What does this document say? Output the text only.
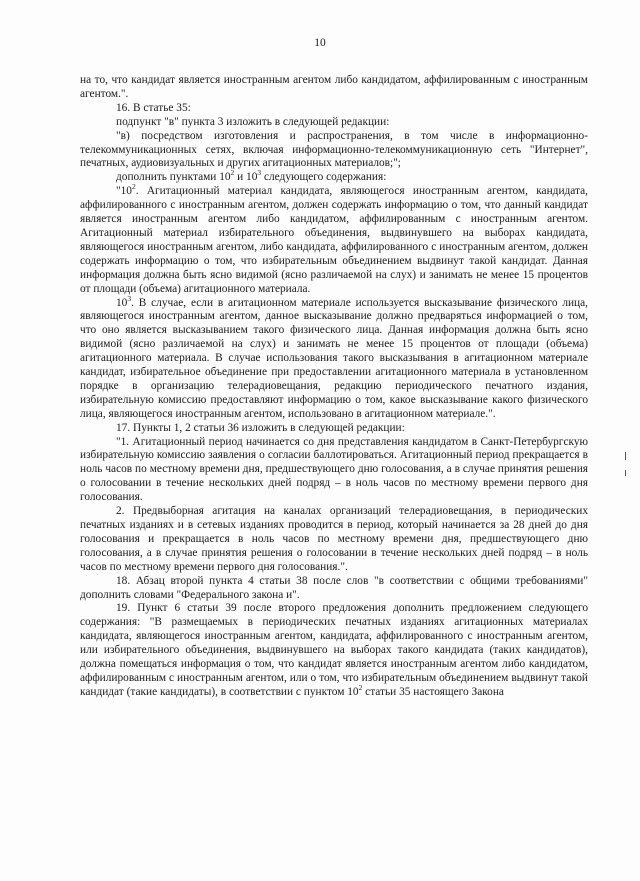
10

на то, что кандидат является иностранным агентом либо кандидатом, аффилированным с иностранным агентом.".

16. В статье 35:

подпункт "в" пункта 3 изложить в следующей редакции:

"в) посредством изготовления и распространения, в том числе в информационно-телекоммуникационных сетях, включая информационно-телекоммуникационную сеть "Интернет", печатных, аудиовизуальных и других агитационных материалов;";

дополнить пунктами $10^2$ и $10^3$ следующего содержания:

"$10^2$. Агитационный материал кандидата, являющегося иностранным агентом, кандидата, аффилированного с иностранным агентом, должен содержать информацию о том, что данный кандидат является иностранным агентом либо кандидатом, аффилированным с иностранным агентом. Агитационный материал избирательного объединения, выдвинувшего на выборах кандидата, являющегося иностранным агентом, либо кандидата, аффилированного с иностранным агентом, должен содержать информацию о том, что избирательным объединением выдвинут такой кандидат. Данная информация должна быть ясно видимой (ясно различаемой на слух) и занимать не менее 15 процентов от площади (объема) агитационного материала.

$10^3$. В случае, если в агитационном материале используется высказывание физического лица, являющегося иностранным агентом, данное высказывание должно предваряться информацией о том, что оно является высказыванием такого физического лица. Данная информация должна быть ясно видимой (ясно различаемой на слух) и занимать не менее 15 процентов от площади (объема) агитационного материала. В случае использования такого высказывания в агитационном материале кандидат, избирательное объединение при предоставлении агитационного материала в установленном порядке в организацию телерадиовещания, редакцию периодического печатного издания, избирательную комиссию предоставляют информацию о том, какое высказывание какого физического лица, являющегося иностранным агентом, использовано в агитационном материале.".

17. Пункты 1, 2 статьи 36 изложить в следующей редакции:

"1. Агитационный период начинается со дня представления кандидатом в Санкт-Петербургскую избирательную комиссию заявления о согласии баллотироваться. Агитационный период прекращается в ноль часов по местному времени дня, предшествующего дню голосования, а в случае принятия решения о голосовании в течение нескольких дней подряд – в ноль часов по местному времени первого дня голосования.

2. Предвыборная агитация на каналах организаций телерадиовещания, в периодических печатных изданиях и в сетевых изданиях проводится в период, который начинается за 28 дней до дня голосования и прекращается в ноль часов по местному времени дня, предшествующего дню голосования, а в случае принятия решения о голосовании в течение нескольких дней подряд – в ноль часов по местному времени первого дня голосования.".

18. Абзац второй пункта 4 статьи 38 после слов "в соответствии с общими требованиями" дополнить словами "Федерального закона и".

19. Пункт 6 статьи 39 после второго предложения дополнить предложением следующего содержания: "В размещаемых в периодических печатных изданиях агитационных материалах кандидата, являющегося иностранным агентом, кандидата, аффилированного с иностранным агентом, или избирательного объединения, выдвинувшего на выборах такого кандидата (таких кандидатов), должна помещаться информация о том, что кандидат является иностранным агентом либо кандидатом, аффилированным с иностранным агентом, или о том, что избирательным объединением выдвинут такой кандидат (такие кандидаты), в соответствии с пунктом $10^2$ статьи 35 настоящего Закона
